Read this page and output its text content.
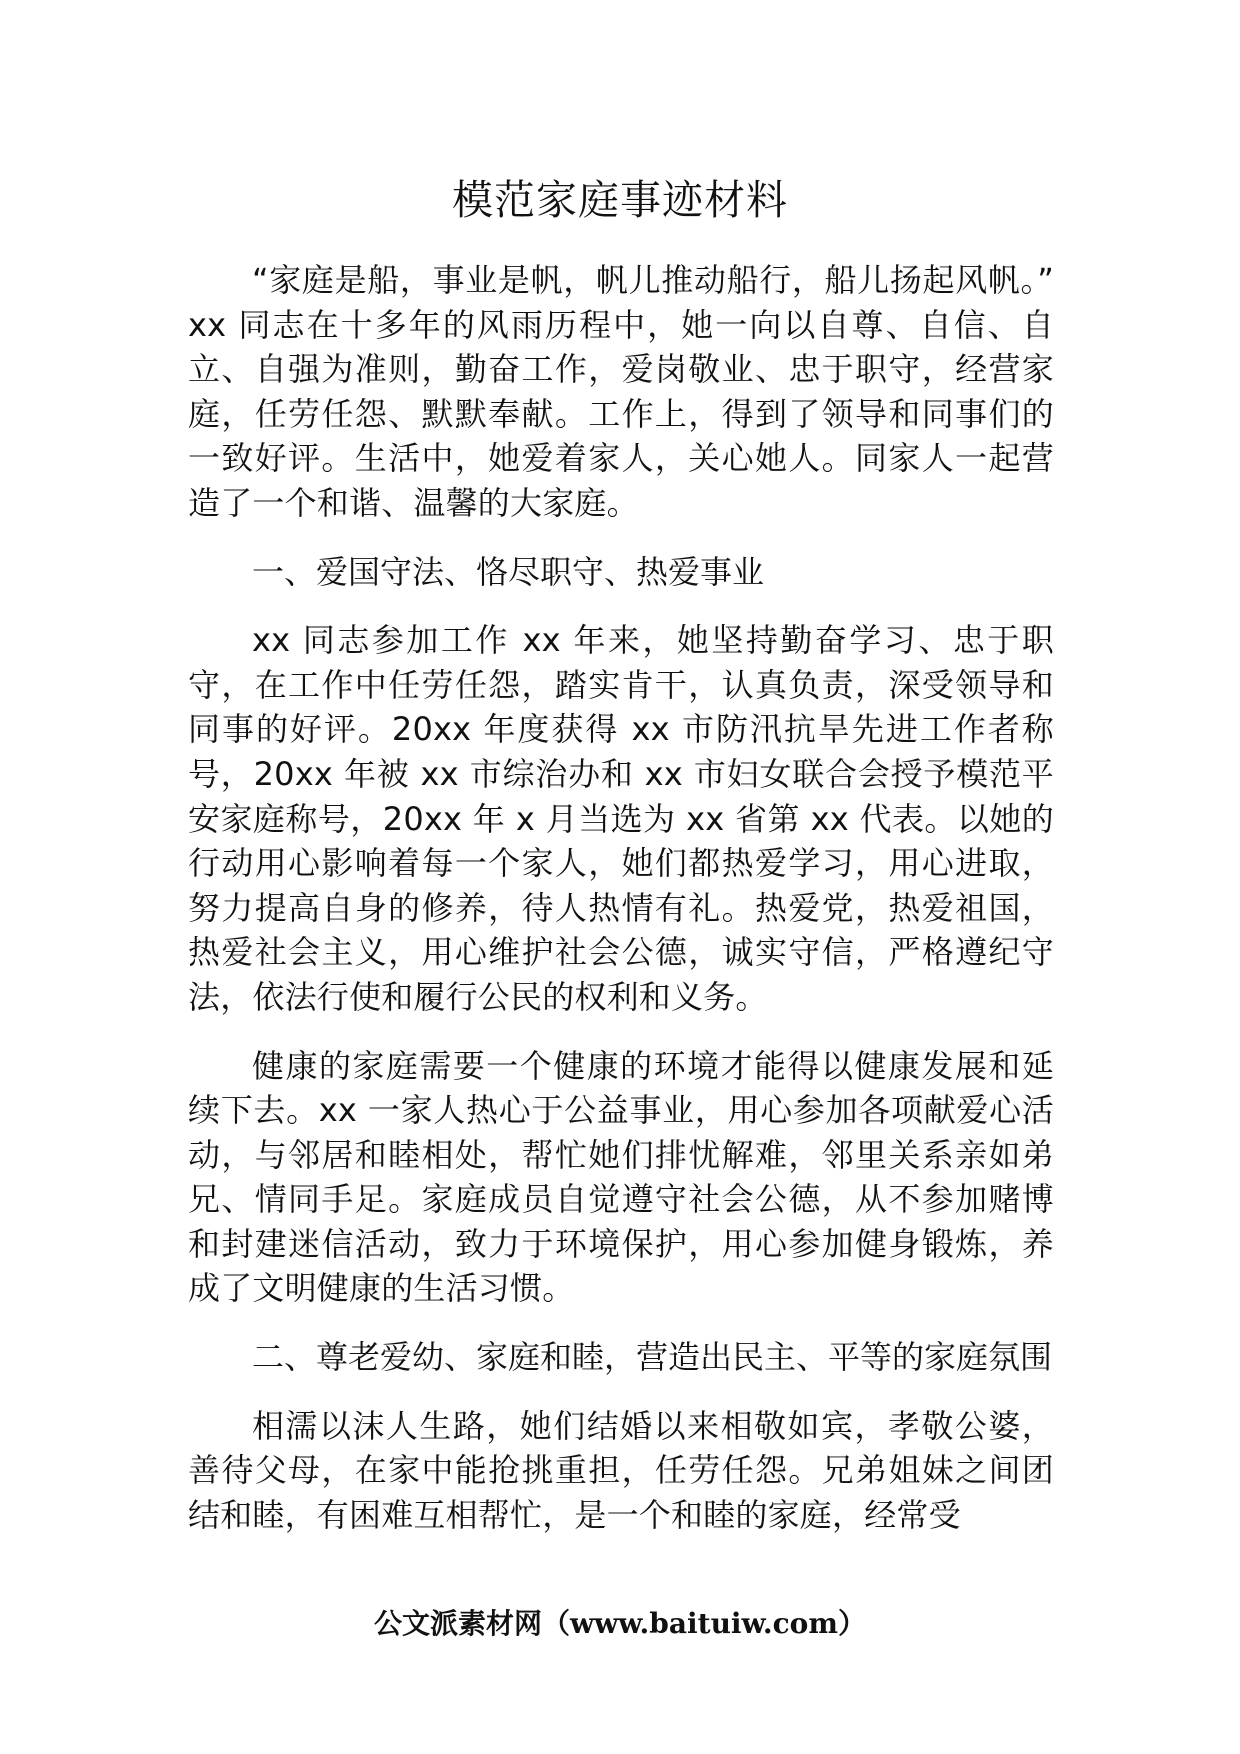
模范家庭事迹材料

“家庭是船，事业是帆，帆儿推动船行，船儿扬起风帆。” xx 同志在十多年的风雨历程中，她一向以自尊、自信、自立、自强为准则，勤奋工作，爱岗敬业、忠于职守，经营家庭，任劳任怨、默默奉献。工作上，得到了领导和同事们的一致好评。生活中，她爱着家人，关心她人。同家人一起营造了一个和谐、温馨的大家庭。

一、爱国守法、恪尽职守、热爱事业

xx 同志参加工作 xx 年来，她坚持勤奋学习、忠于职守，在工作中任劳任怨，踏实肯干，认真负责，深受领导和同事的好评。20xx 年度获得 xx 市防汛抗旱先进工作者称号，20xx 年被 xx 市综治办和 xx 市妇女联合会授予模范平安家庭称号，20xx 年 x 月当选为 xx 省第 xx 代表。以她的行动用心影响着每一个家人，她们都热爱学习，用心进取，努力提高自身的修养，待人热情有礼。热爱党，热爱祖国，热爱社会主义，用心维护社会公德，诚实守信，严格遵纪守法，依法行使和履行公民的权利和义务。

健康的家庭需要一个健康的环境才能得以健康发展和延续下去。xx 一家人热心于公益事业，用心参加各项献爱心活动，与邻居和睦相处，帮忙她们排忧解难，邻里关系亲如弟兄、情同手足。家庭成员自觉遵守社会公德，从不参加赌博和封建迷信活动，致力于环境保护，用心参加健身锻炼，养成了文明健康的生活习惯。

二、尊老爱幼、家庭和睦，营造出民主、平等的家庭氛围

相濡以沫人生路，她们结婚以来相敬如宾，孝敬公婆，善待父母，在家中能抢挑重担，任劳任怨。兄弟姐妹之间团结和睦，有困难互相帮忙，是一个和睦的家庭，经常受

公文派素材网（www.baituiw.com）
